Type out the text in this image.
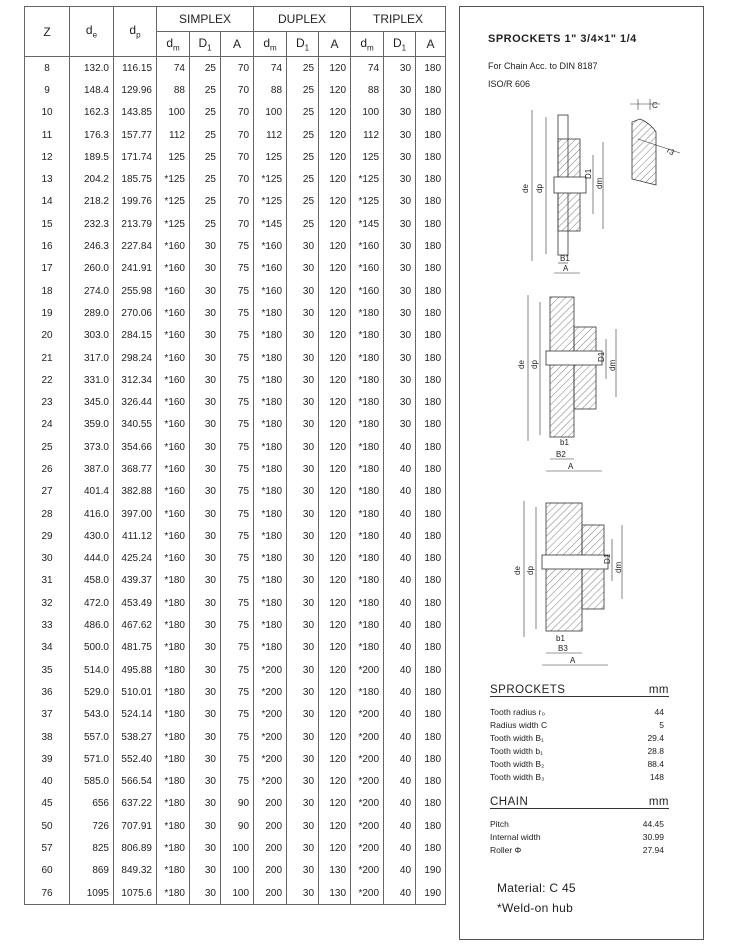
Z	$d_e$	$d_p$	SIMPLEX			DUPLEX			TRIPLEX		
			$d_m$	$D_1$	A	$d_m$	$D_1$	A	$d_m$	$D_1$	A
8	132.0	116.15	74	25	70	74	25	120	74	30	180
9	148.4	129.96	88	25	70	88	25	120	88	30	180
10	162.3	143.85	100	25	70	100	25	120	100	30	180
11	176.3	157.77	112	25	70	112	25	120	112	30	180
12	189.5	171.74	125	25	70	125	25	120	125	30	180
13	204.2	185.75	*125	25	70	*125	25	120	*125	30	180
14	218.2	199.76	*125	25	70	*125	25	120	*125	30	180
15	232.3	213.79	*125	25	70	*145	25	120	*145	30	180
16	246.3	227.84	*160	30	75	*160	30	120	*160	30	180
17	260.0	241.91	*160	30	75	*160	30	120	*160	30	180
18	274.0	255.98	*160	30	75	*160	30	120	*160	30	180
19	289.0	270.06	*160	30	75	*180	30	120	*180	30	180
20	303.0	284.15	*160	30	75	*180	30	120	*180	30	180
21	317.0	298.24	*160	30	75	*180	30	120	*180	30	180
22	331.0	312.34	*160	30	75	*180	30	120	*180	30	180
23	345.0	326.44	*160	30	75	*180	30	120	*180	30	180
24	359.0	340.55	*160	30	75	*180	30	120	*180	30	180
25	373.0	354.66	*160	30	75	*180	30	120	*180	40	180
26	387.0	368.77	*160	30	75	*180	30	120	*180	40	180
27	401.4	382.88	*160	30	75	*180	30	120	*180	40	180
28	416.0	397.00	*160	30	75	*180	30	120	*180	40	180
29	430.0	411.12	*160	30	75	*180	30	120	*180	40	180
30	444.0	425.24	*160	30	75	*180	30	120	*180	40	180
31	458.0	439.37	*180	30	75	*180	30	120	*180	40	180
32	472.0	453.49	*180	30	75	*180	30	120	*180	40	180
33	486.0	467.62	*180	30	75	*180	30	120	*180	40	180
34	500.0	481.75	*180	30	75	*180	30	120	*180	40	180
35	514.0	495.88	*180	30	75	*200	30	120	*200	40	180
36	529.0	510.01	*180	30	75	*200	30	120	*180	40	180
37	543.0	524.14	*180	30	75	*200	30	120	*200	40	180
38	557.0	538.27	*180	30	75	*200	30	120	*200	40	180
39	571.0	552.40	*180	30	75	*200	30	120	*200	40	180
40	585.0	566.54	*180	30	75	*200	30	120	*200	40	180
45	656	637.22	*180	30	90	200	30	120	*200	40	180
50	726	707.91	*180	30	90	200	30	120	*200	40	180
57	825	806.89	*180	30	100	200	30	120	*200	40	180
60	869	849.32	*180	30	100	200	30	130	*200	40	190
76	1095	1075.6	*180	30	100	200	30	130	*200	40	190
SPROCKETS 1" 3/4×1" 1/4
For Chain Acc. to DIN 8187
ISO/R 606
C
r3
de dp
D1
dm
B1
A
de dp
D1
dm
b1
B2
A
de dp
D1
dm
b1
B3
A
SPROCKETS	mm
Tooth radius r₀	44
Radius width C	5
Tooth width B₁	29.4
Tooth width b₁	28.8
Tooth width B₂	88.4
Tooth width B₃	148
CHAIN	mm
Pitch	44.45
Internal width	30.99
Roller Φ	27.94
Material: C 45
*Weld-on hub
